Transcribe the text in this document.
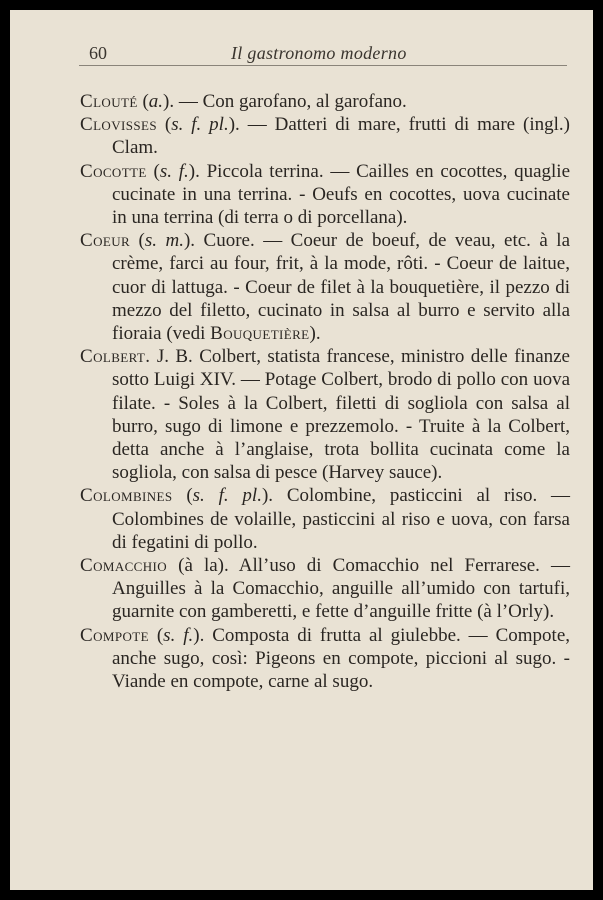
60	Il gastronomo moderno

Clouté (a.). — Con garofano, al garofano.

Clovisses (s. f. pl.). — Datteri di mare, frutti di mare (ingl.) Clam.

Cocotte (s. f.). Piccola terrina. — Cailles en cocottes, quaglie cucinate in una terrina. - Oeufs en cocottes, uova cucinate in una terrina (di terra o di porcellana).

Coeur (s. m.). Cuore. — Coeur de boeuf, de veau, etc. à la crème, farci au four, frit, à la mode, rôti. - Coeur de laitue, cuor di lattuga. - Coeur de filet à la bouquetière, il pezzo di mezzo del filetto, cucinato in salsa al burro e servito alla fioraia (vedi Bouquetière).

Colbert. J. B. Colbert, statista francese, ministro delle finanze sotto Luigi XIV. — Potage Colbert, brodo di pollo con uova filate. - Soles à la Colbert, filetti di sogliola con salsa al burro, sugo di limone e prezzemolo. - Truite à la Colbert, detta anche à l’anglaise, trota bollita cucinata come la sogliola, con salsa di pesce (Harvey sauce).

Colombines (s. f. pl.). Colombine, pasticcini al riso. — Colombines de volaille, pasticcini al riso e uova, con farsa di fegatini di pollo.

Comacchio (à la). All’uso di Comacchio nel Ferrarese. — Anguilles à la Comacchio, anguille all’umido con tartufi, guarnite con gamberetti, e fette d’anguille fritte (à l’Orly).

Compote (s. f.). Composta di frutta al giulebbe. — Compote, anche sugo, così: Pigeons en compote, piccioni al sugo. - Viande en compote, carne al sugo.
